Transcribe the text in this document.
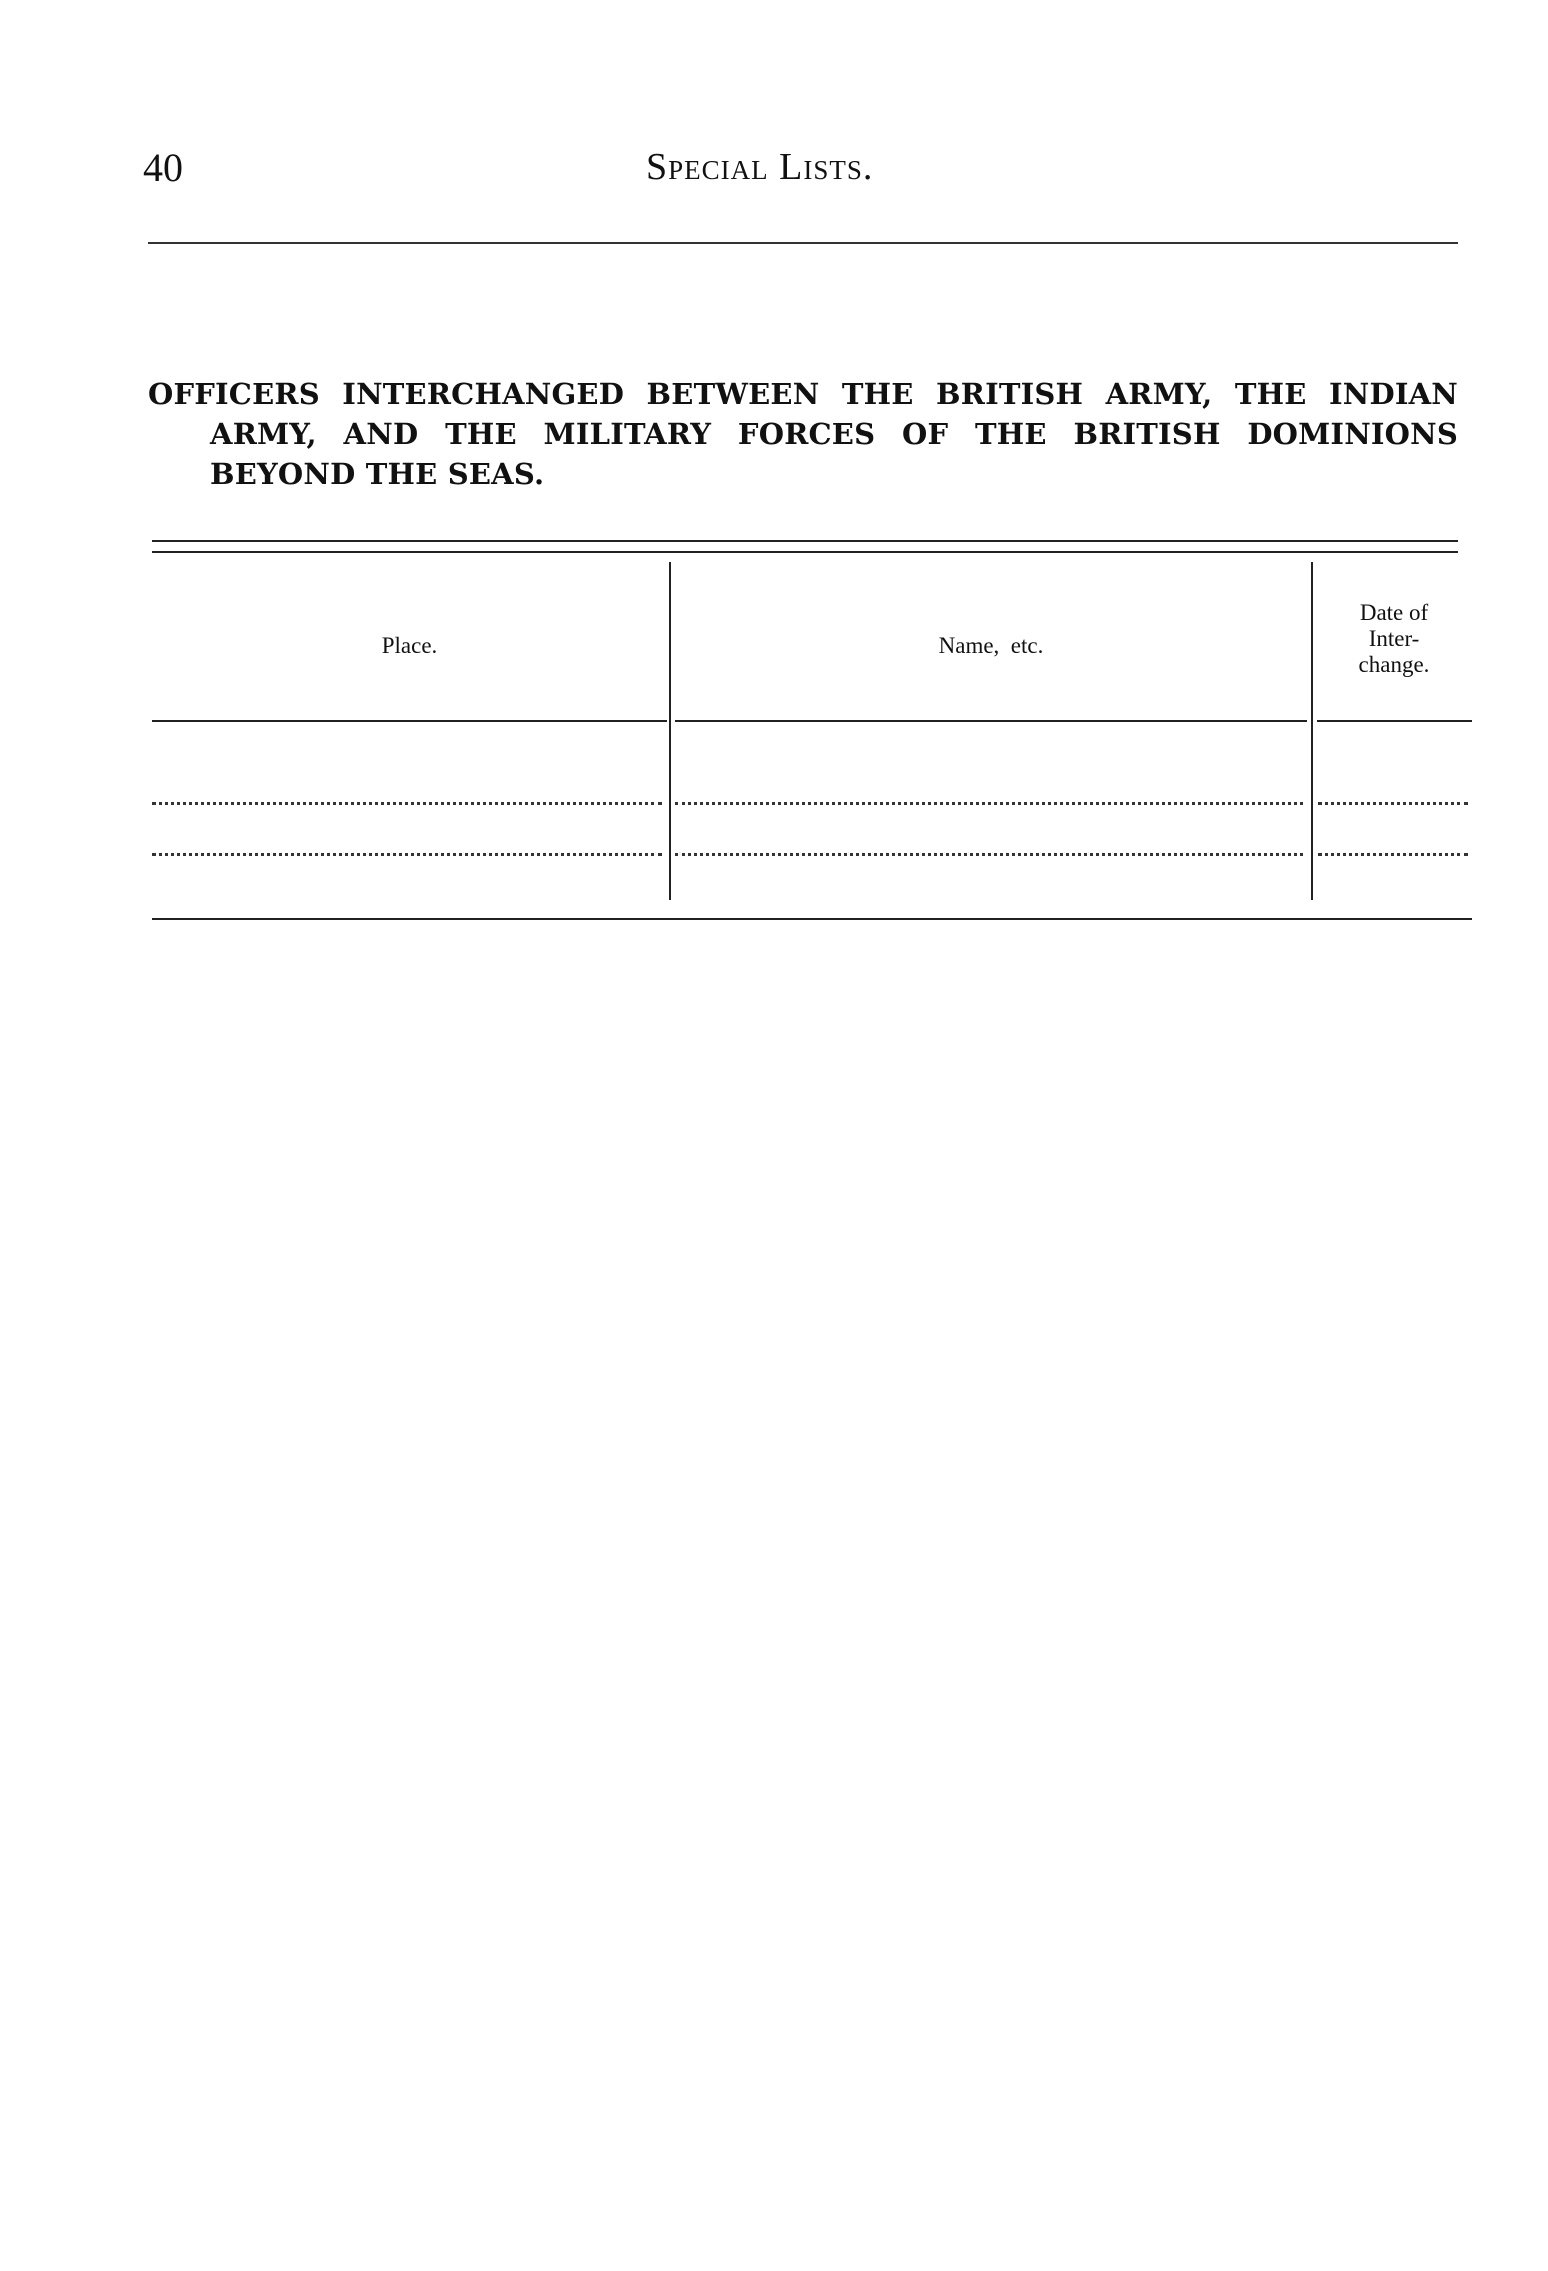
40	Special Lists.
OFFICERS INTERCHANGED BETWEEN THE BRITISH ARMY, THE INDIAN
ARMY, AND THE MILITARY FORCES OF THE BRITISH DOMINIONS
BEYOND THE SEAS.
Place.	Name,  etc.
Date of
Inter-
change.
